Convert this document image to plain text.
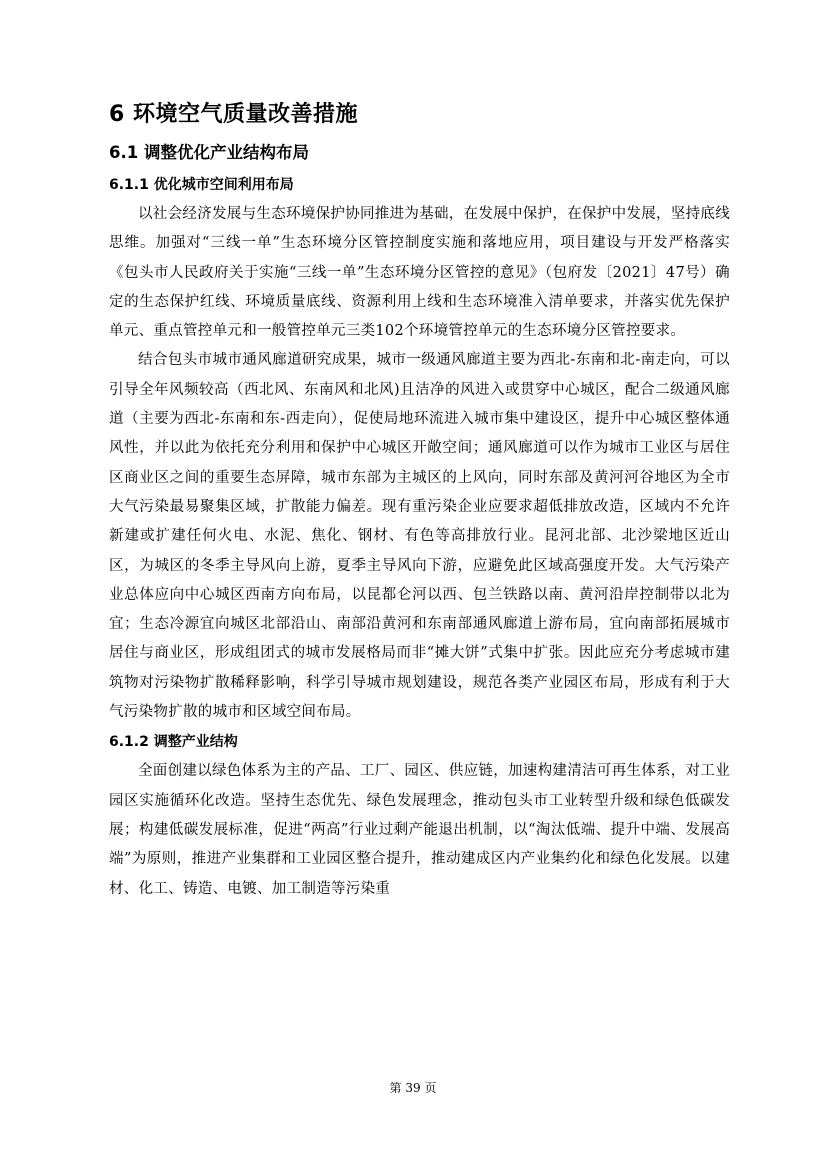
6 环境空气质量改善措施
6.1 调整优化产业结构布局
6.1.1 优化城市空间利用布局

以社会经济发展与生态环境保护协同推进为基础，在发展中保护，在保护中发展，坚持底线思维。加强对“三线一单”生态环境分区管控制度实施和落地应用，项目建设与开发严格落实《包头市人民政府关于实施“三线一单”生态环境分区管控的意见》（包府发〔2021〕47号）确定的生态保护红线、环境质量底线、资源利用上线和生态环境准入清单要求，并落实优先保护单元、重点管控单元和一般管控单元三类102个环境管控单元的生态环境分区管控要求。

结合包头市城市通风廊道研究成果，城市一级通风廊道主要为西北-东南和北-南走向，可以引导全年风频较高（西北风、东南风和北风)且洁净的风进入或贯穿中心城区，配合二级通风廊道（主要为西北-东南和东-西走向），促使局地环流进入城市集中建设区，提升中心城区整体通风性，并以此为依托充分利用和保护中心城区开敞空间；通风廊道可以作为城市工业区与居住区商业区之间的重要生态屏障，城市东部为主城区的上风向，同时东部及黄河河谷地区为全市大气污染最易聚集区域，扩散能力偏差。现有重污染企业应要求超低排放改造，区域内不允许新建或扩建任何火电、水泥、焦化、钢材、有色等高排放行业。昆河北部、北沙梁地区近山区，为城区的冬季主导风向上游，夏季主导风向下游，应避免此区域高强度开发。大气污染产业总体应向中心城区西南方向布局，以昆都仑河以西、包兰铁路以南、黄河沿岸控制带以北为宜；生态冷源宜向城区北部沿山、南部沿黄河和东南部通风廊道上游布局，宜向南部拓展城市居住与商业区，形成组团式的城市发展格局而非“摊大饼”式集中扩张。因此应充分考虑城市建筑物对污染物扩散稀释影响，科学引导城市规划建设，规范各类产业园区布局，形成有利于大气污染物扩散的城市和区域空间布局。

6.1.2 调整产业结构

全面创建以绿色体系为主的产品、工厂、园区、供应链，加速构建清洁可再生体系，对工业园区实施循环化改造。坚持生态优先、绿色发展理念，推动包头市工业转型升级和绿色低碳发展；构建低碳发展标准，促进“两高”行业过剩产能退出机制，以“淘汰低端、提升中端、发展高端”为原则，推进产业集群和工业园区整合提升，推动建成区内产业集约化和绿色化发展。以建材、化工、铸造、电镀、加工制造等污染重

第 39 页
